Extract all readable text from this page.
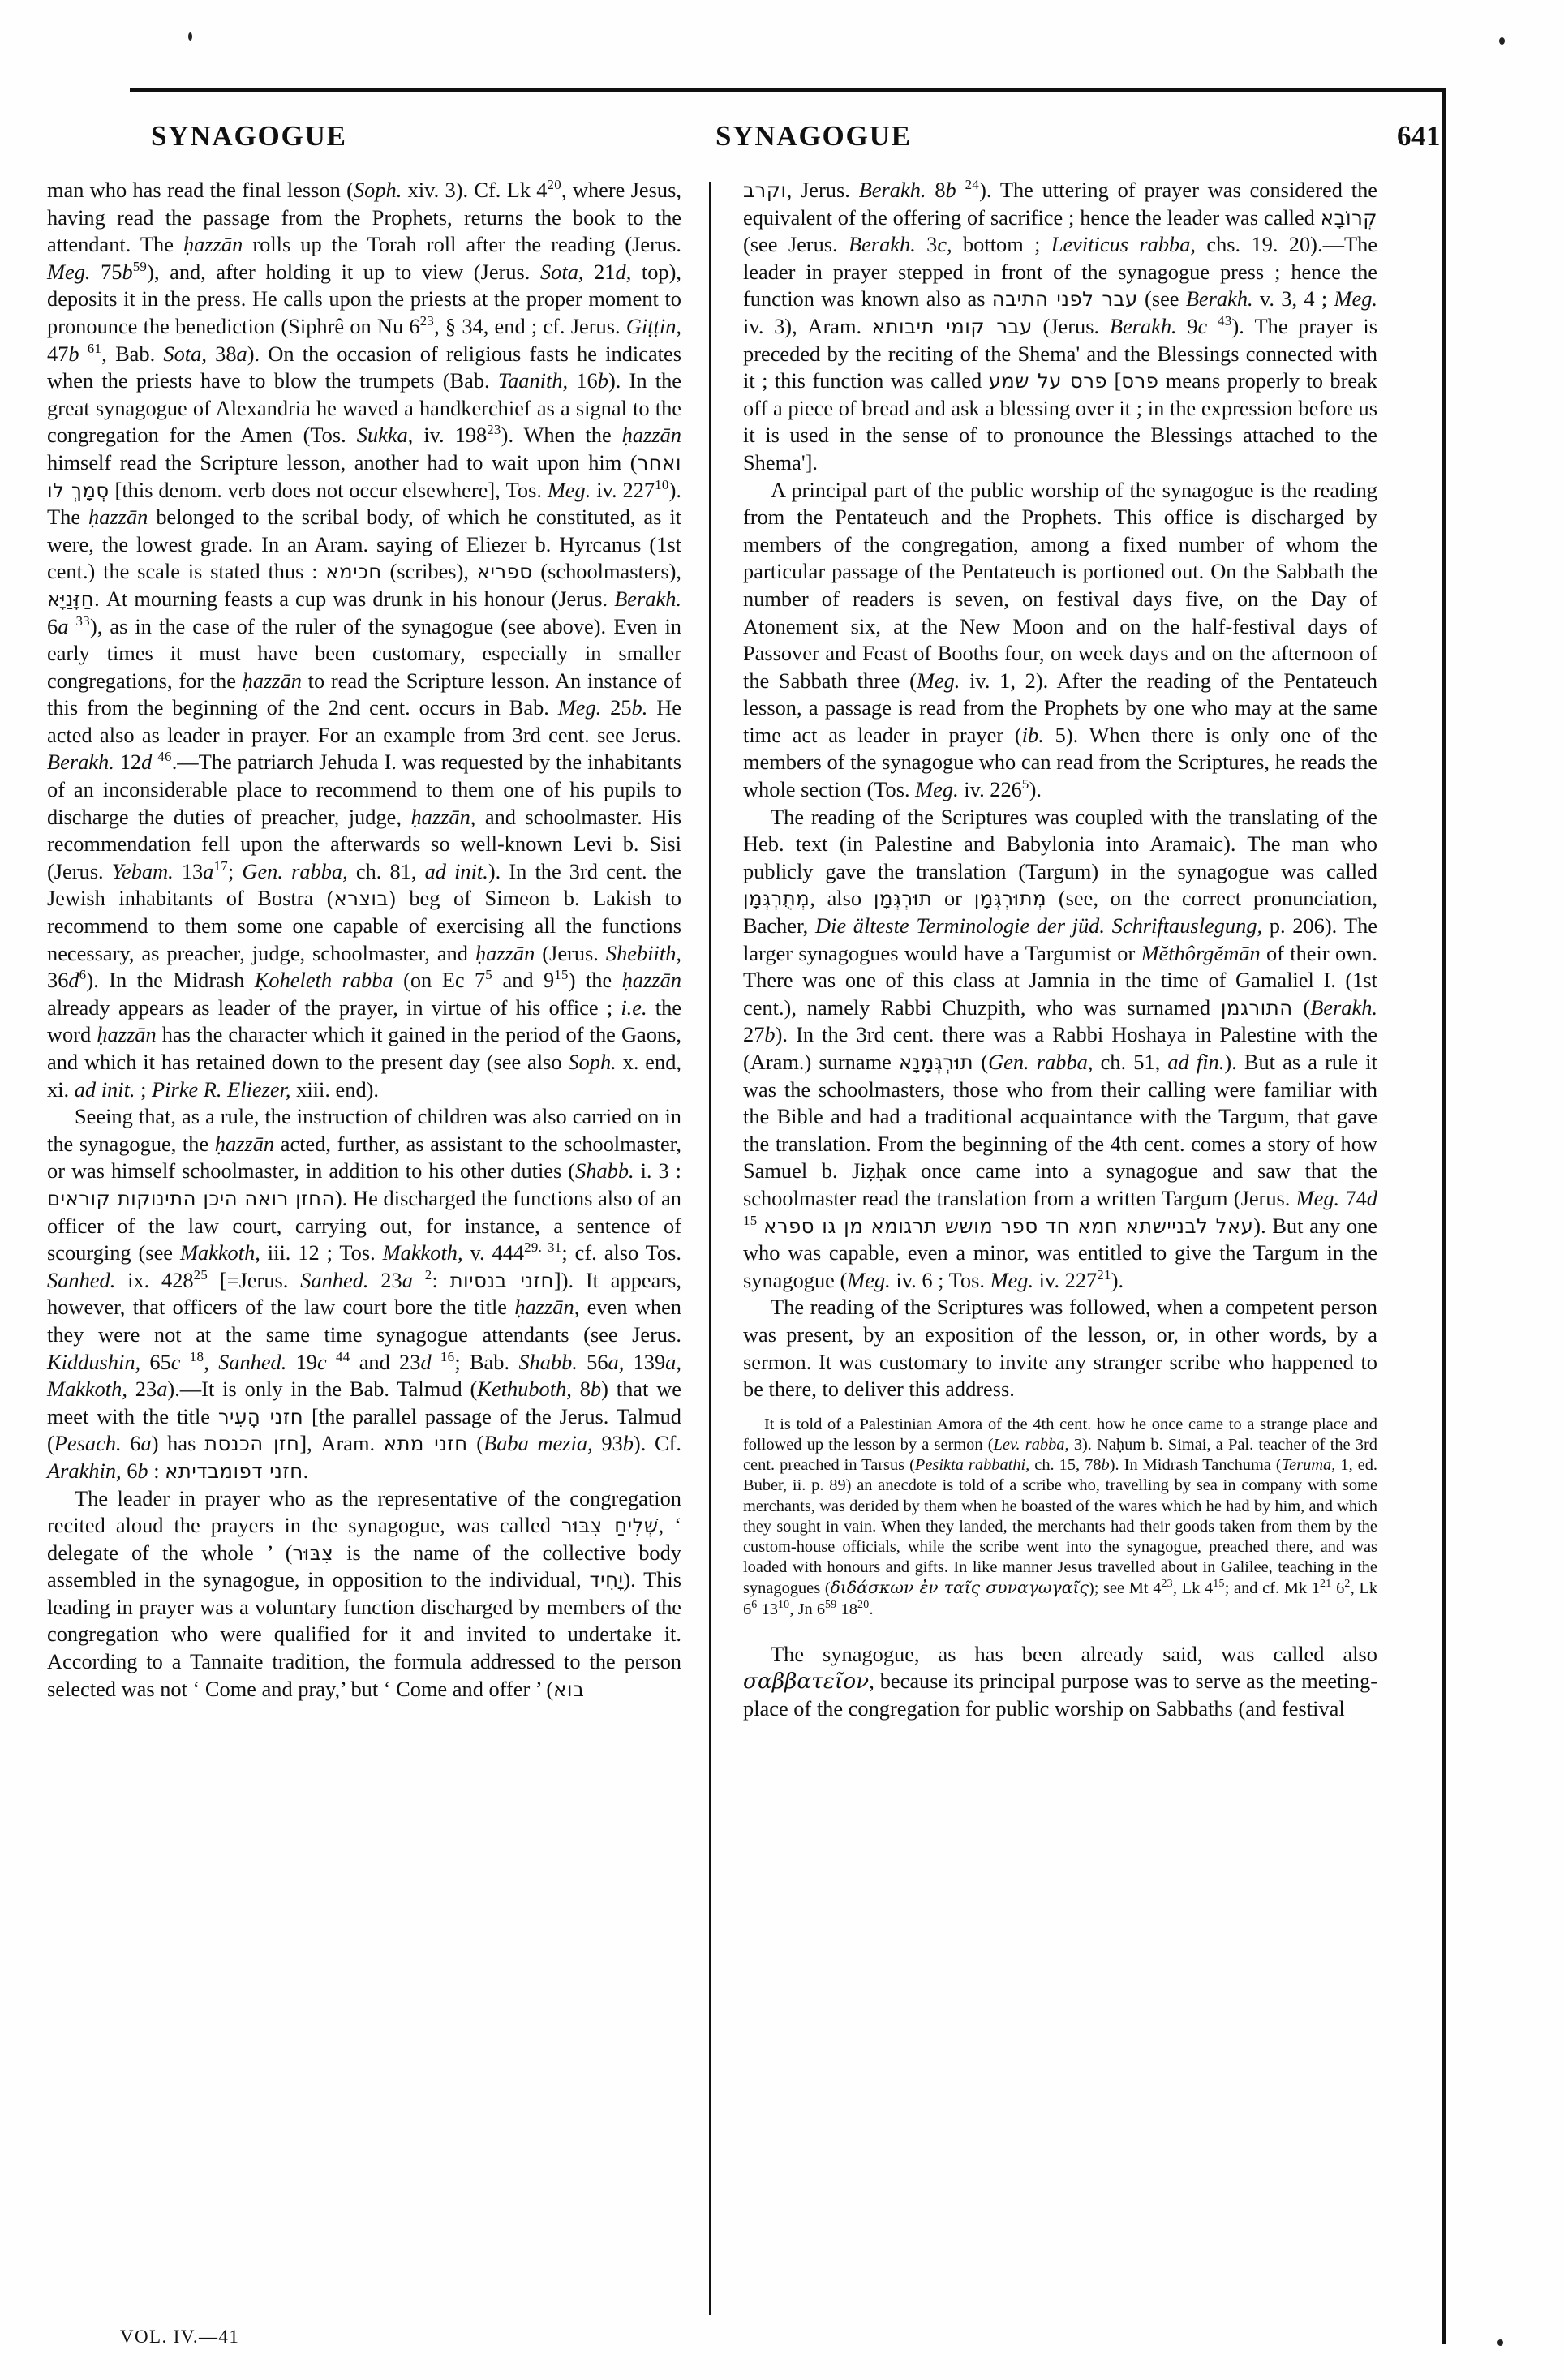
SYNAGOGUE	SYNAGOGUE	641

man who has read the final lesson (Soph. xiv. 3). Cf. Lk $4^{20}$, where Jesus, having read the passage from the Prophets, returns the book to the attendant. The ḥazzān rolls up the Torah roll after the reading (Jerus. Meg. $75b^{59}$), and, after holding it up to view (Jerus. Sota, 21d, top), deposits it in the press. He calls upon the priests at the proper moment to pronounce the benediction (Siphrê on Nu $6^{23}$, § 34, end ; cf. Jerus. Giṭṭin, 47b $^{61}$, Bab. Sota, 38a). On the occasion of religious fasts he indicates when the priests have to blow the trumpets (Bab. Taanith, 16b). In the great synagogue of Alexandria he waved a handkerchief as a signal to the congregation for the Amen (Tos. Sukka, iv. $198^{23}$). When the ḥazzān himself read the Scripture lesson, another had to wait upon him (ואחר סְמָךְ לו [this denom. verb does not occur elsewhere], Tos. Meg. iv. $227^{10}$). The ḥazzān belonged to the scribal body, of which he constituted, as it were, the lowest grade. In an Aram. saying of Eliezer b. Hyrcanus (1st cent.) the scale is stated thus : חכימא (scribes), ספריא (schoolmasters), חַזָּנַיָּא. At mourning feasts a cup was drunk in his honour (Jerus. Berakh. 6a $^{33}$), as in the case of the ruler of the synagogue (see above). Even in early times it must have been customary, especially in smaller congregations, for the ḥazzān to read the Scripture lesson. An instance of this from the beginning of the 2nd cent. occurs in Bab. Meg. 25b. He acted also as leader in prayer. For an example from 3rd cent. see Jerus. Berakh. 12d $^{46}$.—The patriarch Jehuda I. was requested by the inhabitants of an inconsiderable place to recommend to them one of his pupils to discharge the duties of preacher, judge, ḥazzān, and schoolmaster. His recommendation fell upon the afterwards so well-known Levi b. Sisi (Jerus. Yebam. $13a^{17}$; Gen. rabba, ch. 81, ad init.). In the 3rd cent. the Jewish inhabitants of Bostra (בוצרא) beg of Simeon b. Lakish to recommend to them some one capable of exercising all the functions necessary, as preacher, judge, schoolmaster, and ḥazzān (Jerus. Shebiith, $36d^6$). In the Midrash Ḳoheleth rabba (on Ec $7^5$ and $9^{15}$) the ḥazzān already appears as leader of the prayer, in virtue of his office ; i.e. the word ḥazzān has the character which it gained in the period of the Gaons, and which it has retained down to the present day (see also Soph. x. end, xi. ad init. ; Pirke R. Eliezer, xiii. end).

Seeing that, as a rule, the instruction of children was also carried on in the synagogue, the ḥazzān acted, further, as assistant to the schoolmaster, or was himself schoolmaster, in addition to his other duties (Shabb. i. 3 : החזן רואה היכן התינוקות קוראים). He discharged the functions also of an officer of the law court, carrying out, for instance, a sentence of scourging (see Makkoth, iii. 12 ; Tos. Makkoth, v. $444^{29. 31}$; cf. also Tos. Sanhed. ix. $428^{25}$ [=Jerus. Sanhed. 23a $^2$: חזני בנסיות]). It appears, however, that officers of the law court bore the title ḥazzān, even when they were not at the same time synagogue attendants (see Jerus. Kiddushin, 65c $^{18}$, Sanhed. 19c $^{44}$ and 23d $^{16}$; Bab. Shabb. 56a, 139a, Makkoth, 23a).—It is only in the Bab. Talmud (Kethuboth, 8b) that we meet with the title חזני הָעִיר [the parallel passage of the Jerus. Talmud (Pesach. 6a) has חזן הכנסת], Aram. חזני מתא (Baba mezia, 93b). Cf. Arakhin, 6b : חזני דפומבדיתא.

The leader in prayer who as the representative of the congregation recited aloud the prayers in the synagogue, was called שְׁלִיחַ צִבּוּר, ‘ delegate of the whole ’ (צִבּוּר is the name of the collective body assembled in the synagogue, in opposition to the individual, יָחִיד). This leading in prayer was a voluntary function discharged by members of the congregation who were qualified for it and invited to undertake it. According to a Tannaite tradition, the formula addressed to the person selected was not ‘ Come and pray,’ but ‘ Come and offer ’ (בוא

וקרב, Jerus. Berakh. 8b $^{24}$). The uttering of prayer was considered the equivalent of the offering of sacrifice ; hence the leader was called קְרוֹבָא (see Jerus. Berakh. 3c, bottom ; Leviticus rabba, chs. 19. 20).—The leader in prayer stepped in front of the synagogue press ; hence the function was known also as עבר לפני התיבה (see Berakh. v. 3, 4 ; Meg. iv. 3), Aram. עבר קומי תיבותא (Jerus. Berakh. 9c $^{43}$). The prayer is preceded by the reciting of the Shema' and the Blessings connected with it ; this function was called פרס על שמע [פרס means properly to break off a piece of bread and ask a blessing over it ; in the expression before us it is used in the sense of to pronounce the Blessings attached to the Shema'].

A principal part of the public worship of the synagogue is the reading from the Pentateuch and the Prophets. This office is discharged by members of the congregation, among a fixed number of whom the particular passage of the Pentateuch is portioned out. On the Sabbath the number of readers is seven, on festival days five, on the Day of Atonement six, at the New Moon and on the half-festival days of Passover and Feast of Booths four, on week days and on the afternoon of the Sabbath three (Meg. iv. 1, 2). After the reading of the Pentateuch lesson, a passage is read from the Prophets by one who may at the same time act as leader in prayer (ib. 5). When there is only one of the members of the synagogue who can read from the Scriptures, he reads the whole section (Tos. Meg. iv. $226^5$).

The reading of the Scriptures was coupled with the translating of the Heb. text (in Palestine and Babylonia into Aramaic). The man who publicly gave the translation (Targum) in the synagogue was called מְתֻרְגְּמָן, also תוּרְגְּמָן or מְתוּרְגְּמָן (see, on the correct pronunciation, Bacher, Die älteste Terminologie der jüd. Schriftauslegung, p. 206). The larger synagogues would have a Targumist or Mĕthôrgĕmān of their own. There was one of this class at Jamnia in the time of Gamaliel I. (1st cent.), namely Rabbi Chuzpith, who was surnamed התורגמן (Berakh. 27b). In the 3rd cent. there was a Rabbi Hoshaya in Palestine with the (Aram.) surname תוּרְגְּמָנָא (Gen. rabba, ch. 51, ad fin.). But as a rule it was the schoolmasters, those who from their calling were familiar with the Bible and had a traditional acquaintance with the Targum, that gave the translation. From the beginning of the 4th cent. comes a story of how Samuel b. Jiẓḥak once came into a synagogue and saw that the schoolmaster read the translation from a written Targum (Jerus. Meg. 74d $^{15}$ עאל לבניישתא חמא חד ספר מושש תרגומא מן גו ספרא). But any one who was capable, even a minor, was entitled to give the Targum in the synagogue (Meg. iv. 6 ; Tos. Meg. iv. $227^{21}$).

The reading of the Scriptures was followed, when a competent person was present, by an exposition of the lesson, or, in other words, by a sermon. It was customary to invite any stranger scribe who happened to be there, to deliver this address.

It is told of a Palestinian Amora of the 4th cent. how he once came to a strange place and followed up the lesson by a sermon (Lev. rabba, 3). Naḥum b. Simai, a Pal. teacher of the 3rd cent. preached in Tarsus (Pesikta rabbathi, ch. 15, 78b). In Midrash Tanchuma (Teruma, 1, ed. Buber, ii. p. 89) an anecdote is told of a scribe who, travelling by sea in company with some merchants, was derided by them when he boasted of the wares which he had by him, and which they sought in vain. When they landed, the merchants had their goods taken from them by the custom-house officials, while the scribe went into the synagogue, preached there, and was loaded with honours and gifts. In like manner Jesus travelled about in Galilee, teaching in the synagogues (διδάσκων ἐν ταῖς συναγωγαῖς); see Mt $4^{23}$, Lk $4^{15}$; and cf. Mk $1^{21}$ $6^2$, Lk $6^6$ $13^{10}$, Jn $6^{59}$ $18^{20}$.

The synagogue, as has been already said, was called also σαββατεῖον, because its principal purpose was to serve as the meeting-place of the congregation for public worship on Sabbaths (and festival

VOL. IV.—41
